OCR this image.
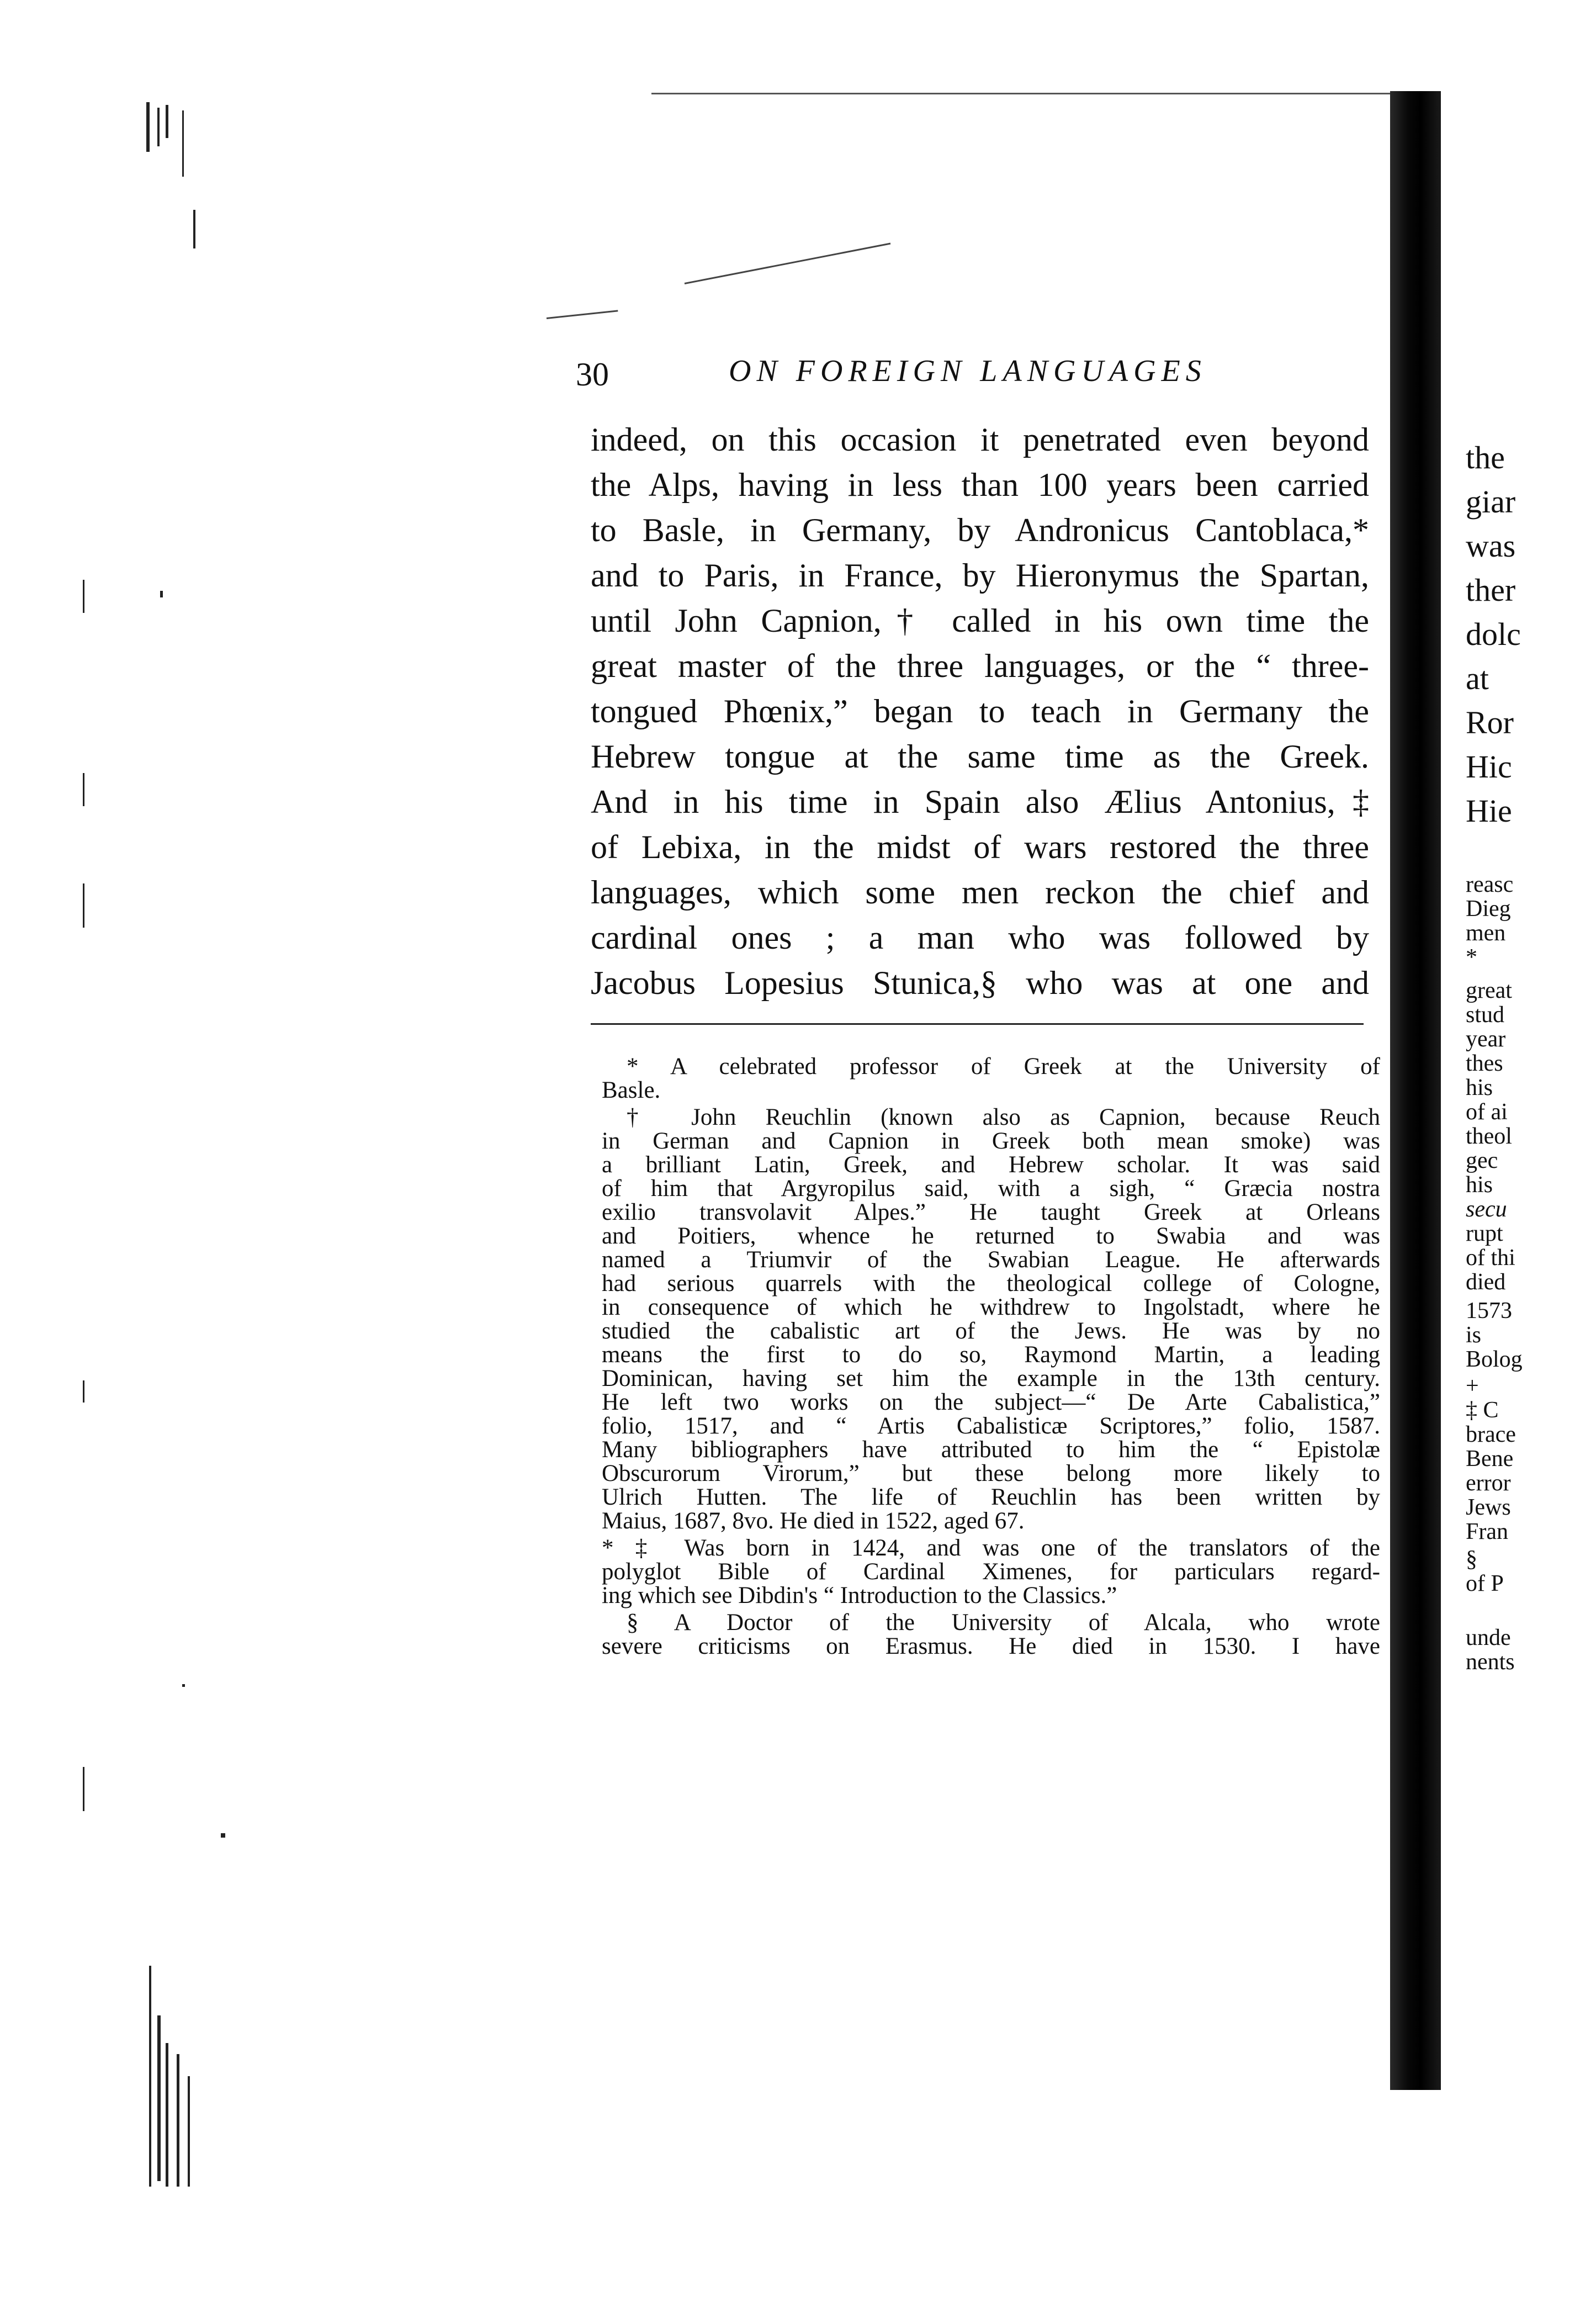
30	ON FOREIGN LANGUAGES
indeed, on this occasion it penetrated even beyond
the Alps, having in less than 100 years been carried
to Basle, in Germany, by Andronicus Cantoblaca,*
and to Paris, in France, by Hieronymus the Spartan,
until John Capnion,† called in his own time the
great master of the three languages, or the “ three-
tongued Phœnix,” began to teach in Germany the
Hebrew tongue at the same time as the Greek.
And in his time in Spain also Ælius Antonius,‡
of Lebixa, in the midst of wars restored the three
languages, which some men reckon the chief and
cardinal ones ; a man who was followed by
Jacobus Lopesius Stunica,§ who was at one and
* A celebrated professor of Greek at the University of
Basle.
† John Reuchlin (known also as Capnion, because Reuch
in German and Capnion in Greek both mean smoke) was
a brilliant Latin, Greek, and Hebrew scholar. It was said
of him that Argyropilus said, with a sigh, “ Græcia nostra
exilio transvolavit Alpes.” He taught Greek at Orleans
and Poitiers, whence he returned to Swabia and was
named a Triumvir of the Swabian League. He afterwards
had serious quarrels with the theological college of Cologne,
in consequence of which he withdrew to Ingolstadt, where he
studied the cabalistic art of the Jews. He was by no
means the first to do so, Raymond Martin, a leading
Dominican, having set him the example in the 13th century.
He left two works on the subject—“ De Arte Cabalistica,”
folio, 1517, and “ Artis Cabalisticæ Scriptores,” folio, 1587.
Many bibliographers have attributed to him the “ Epistolæ
Obscurorum Virorum,” but these belong more likely to
Ulrich Hutten. The life of Reuchlin has been written by
Maius, 1687, 8vo. He died in 1522, aged 67.
* ‡ Was born in 1424, and was one of the translators of the
polyglot Bible of Cardinal Ximenes, for particulars regard-
ing which see Dibdin's “ Introduction to the Classics.”
§ A Doctor of the University of Alcala, who wrote
severe criticisms on Erasmus. He died in 1530. I have
the
giar
was
ther
dolc
at
Ror
Hic
Hie
reasc
Dieg
men
*
great
stud
year
thes
his
of ai
theol
gec
his
secu
rupt
of thi
died
1573
is
Bolog
+
‡ C
brace
Bene
error
Jews
Fran
§
of P
unde
nents
